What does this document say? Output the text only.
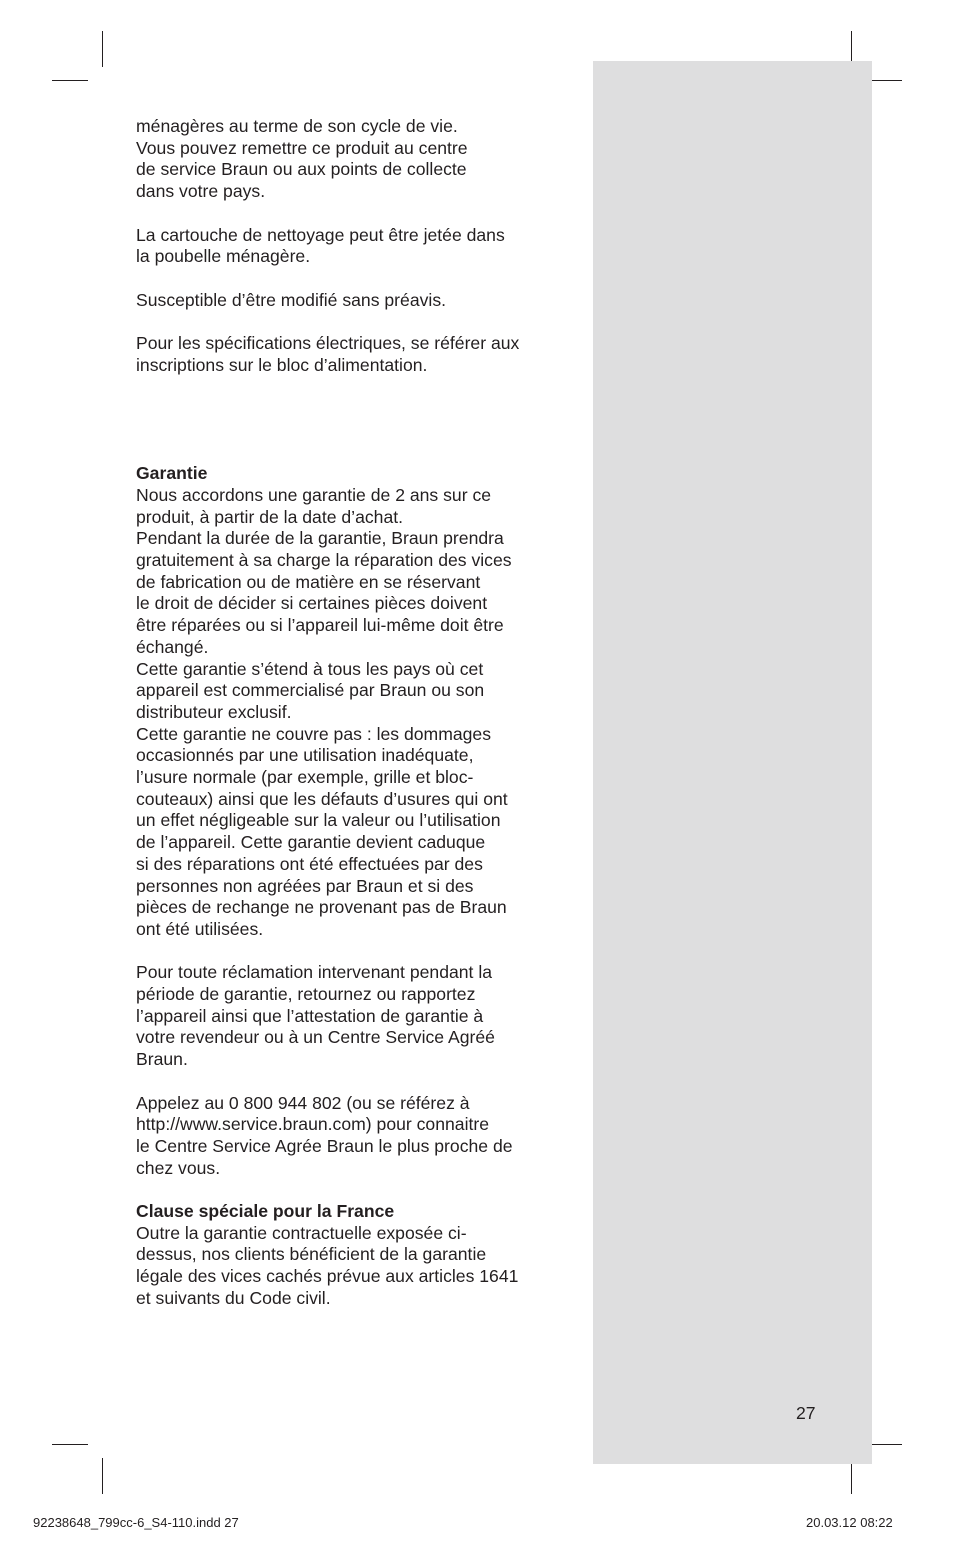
ménagères au terme de son cycle de vie.
Vous pouvez remettre ce produit au centre
de service Braun ou aux points de collecte
dans votre pays.

La cartouche de nettoyage peut être jetée dans
la poubelle ménagère.

Susceptible d’être modifié sans préavis.

Pour les spécifications électriques, se référer aux
inscriptions sur le bloc d’alimentation.

Garantie
Nous accordons une garantie de 2 ans sur ce
produit, à partir de la date d’achat.
Pendant la durée de la garantie, Braun prendra
gratuitement à sa charge la réparation des vices
de fabrication ou de matière en se réservant
le droit de décider si certaines pièces doivent
être réparées ou si l’appareil lui-même doit être
échangé.
Cette garantie s’étend à tous les pays où cet
appareil est commercialisé par Braun ou son
distributeur exclusif.
Cette garantie ne couvre pas : les dommages
occasionnés par une utilisation inadéquate,
l’usure normale (par exemple, grille et bloc-
couteaux) ainsi que les défauts d’usures qui ont
un effet négligeable sur la valeur ou l’utilisation
de l’appareil. Cette garantie devient caduque
si des réparations ont été effectuées par des
personnes non agréées par Braun et si des
pièces de rechange ne provenant pas de Braun
ont été utilisées.

Pour toute réclamation intervenant pendant la
période de garantie, retournez ou rapportez
l’appareil ainsi que l’attestation de garantie à
votre revendeur ou à un Centre Service Agréé
Braun.

Appelez au 0 800 944 802 (ou se référez à
http://www.service.braun.com) pour connaitre
le Centre Service Agrée Braun le plus proche de
chez vous.

Clause spéciale pour la France
Outre la garantie contractuelle exposée ci-
dessus, nos clients bénéficient de la garantie
légale des vices cachés prévue aux articles 1641
et suivants du Code civil.

27
92238648_799cc-6_S4-110.indd 27	20.03.12 08:22
